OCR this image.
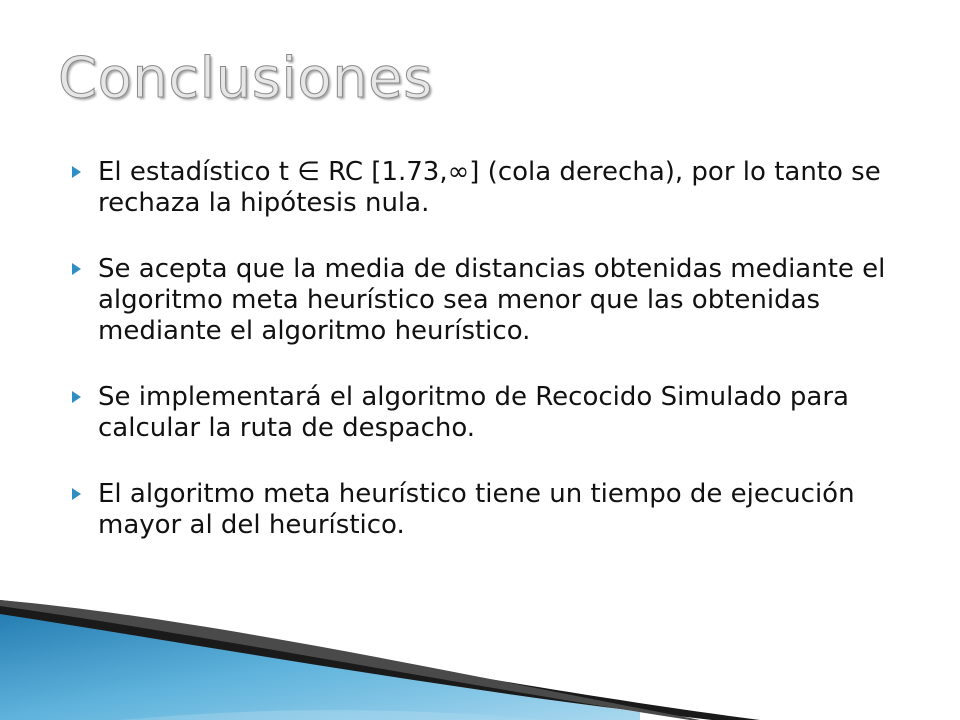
Conclusiones
El estadístico t ∈ RC [1.73,∞] (cola derecha), por lo tanto se rechaza la hipótesis nula.
Se acepta que la media de distancias obtenidas mediante el algoritmo meta heurístico sea menor que las obtenidas mediante el algoritmo heurístico.
Se implementará el algoritmo de Recocido Simulado para calcular la ruta de despacho.
El algoritmo meta heurístico tiene un tiempo de ejecución mayor al del heurístico.
